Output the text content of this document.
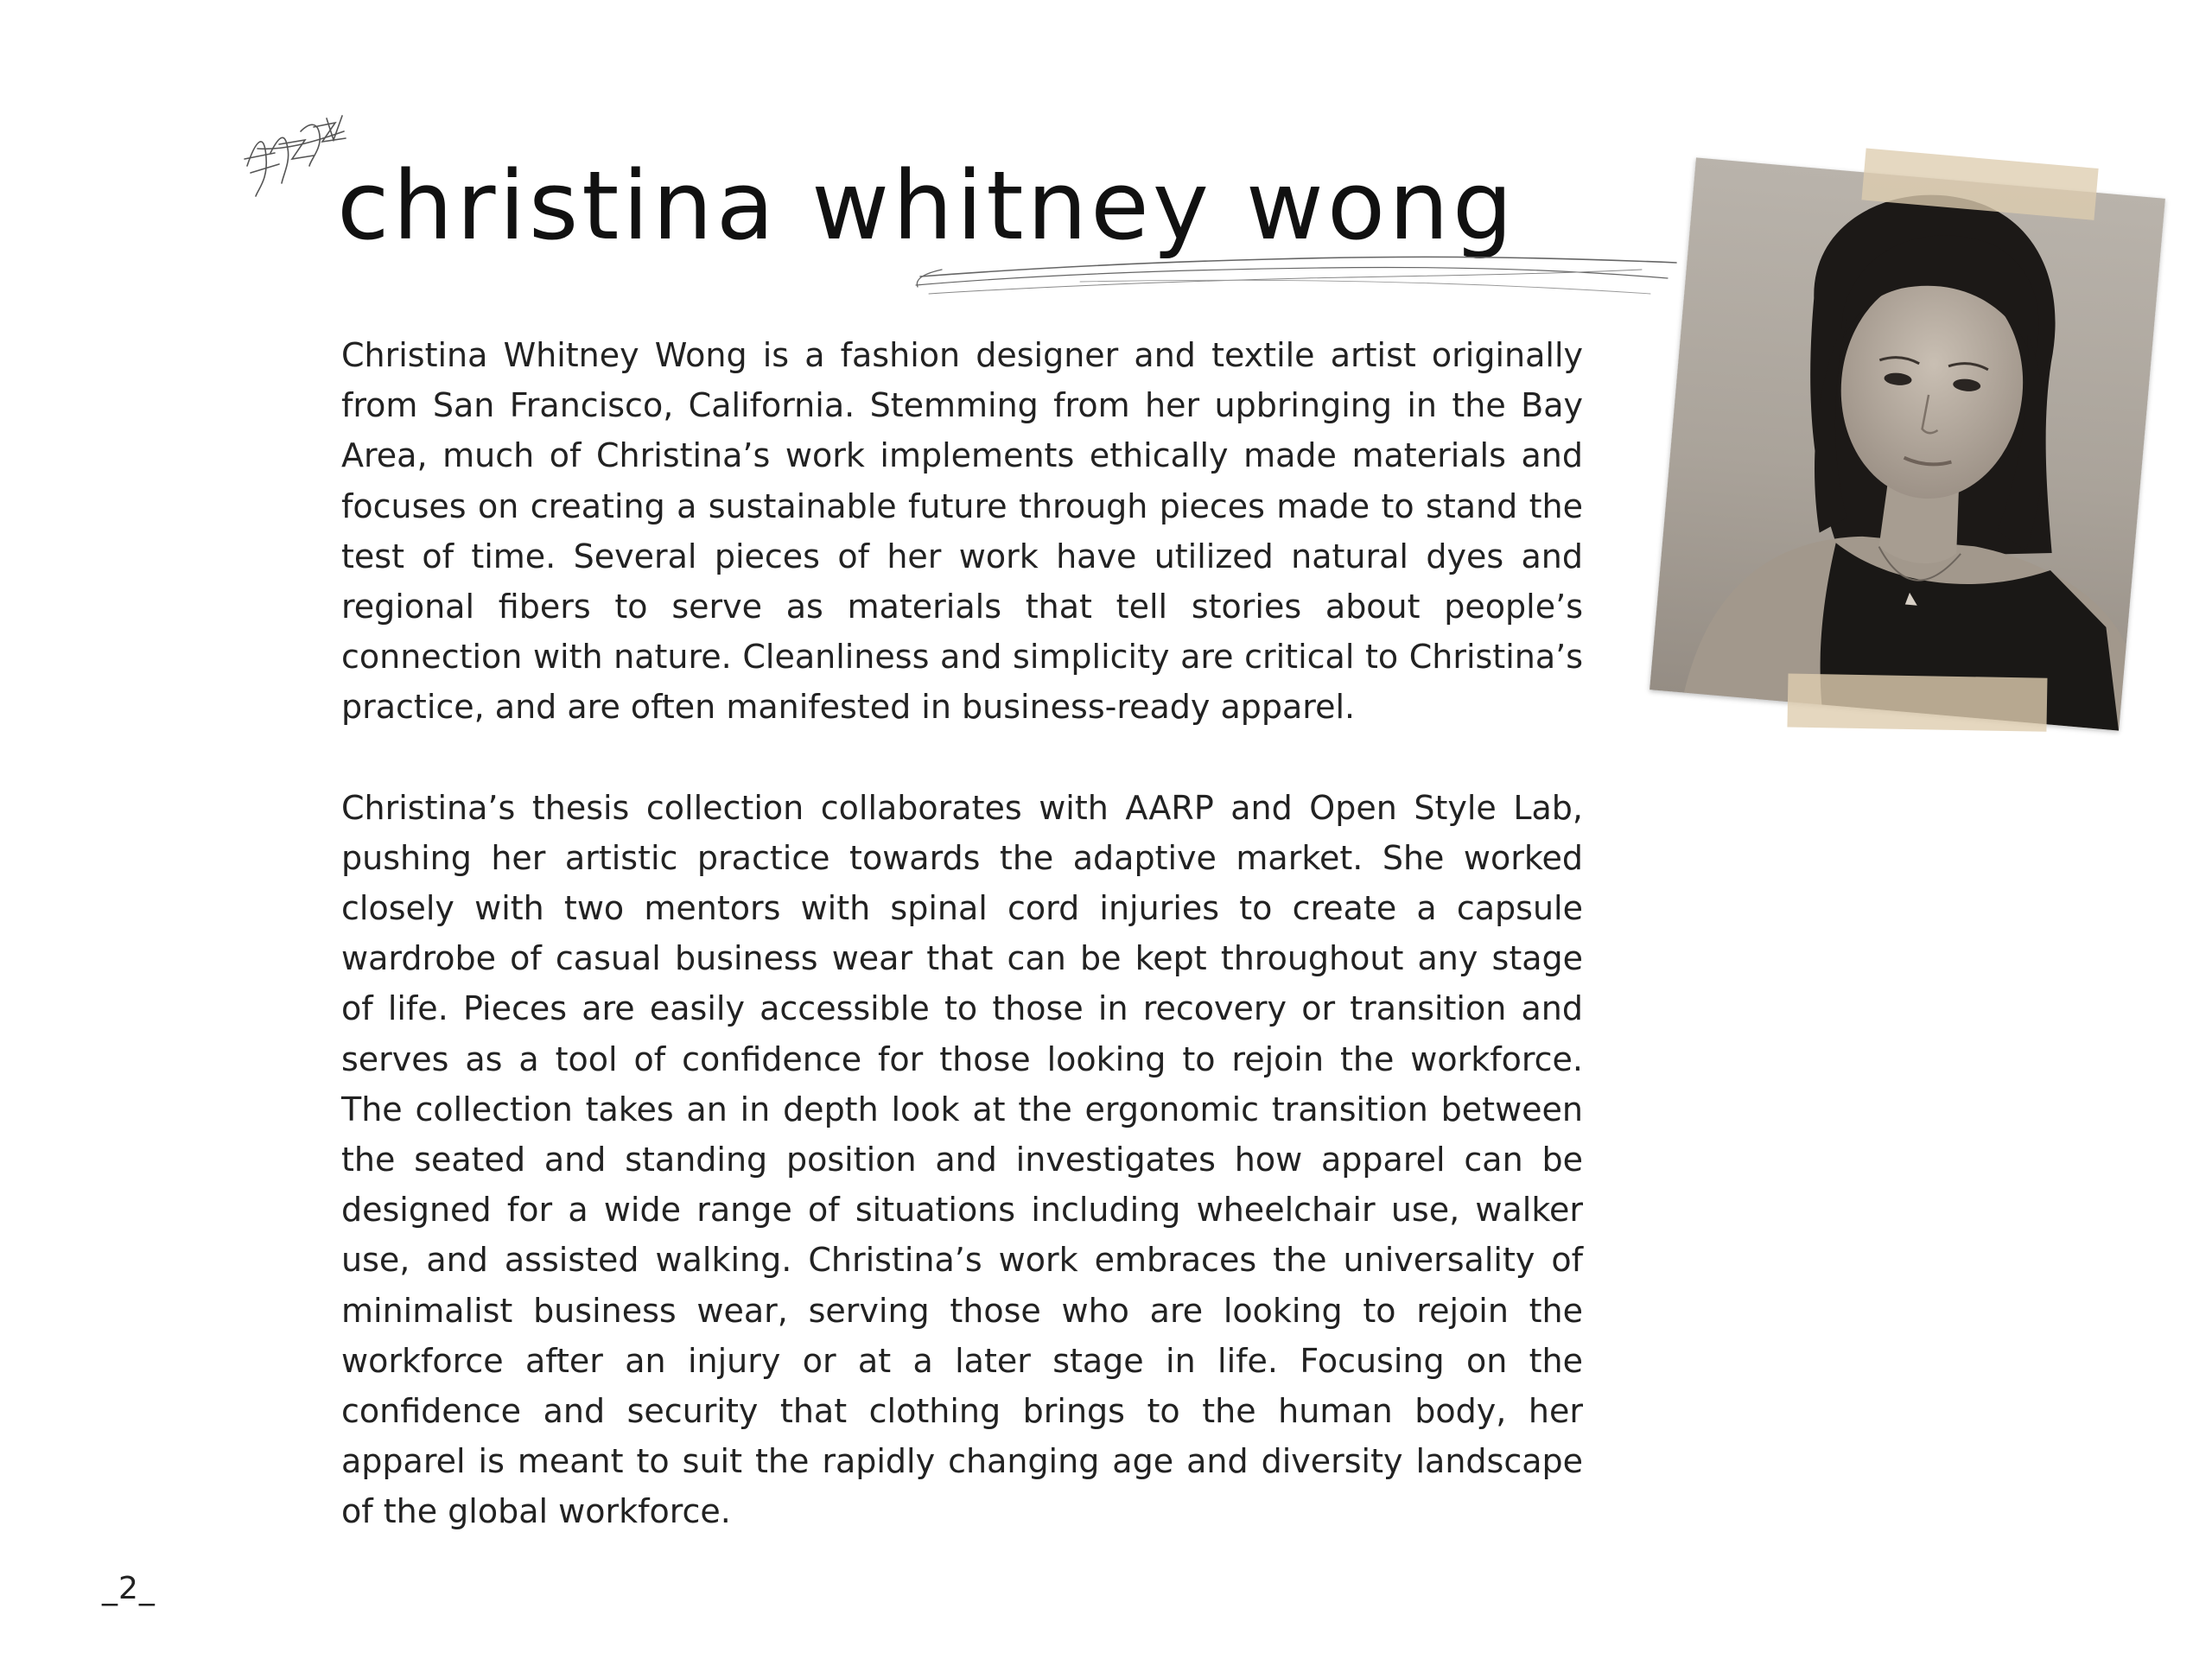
christina whitney wong

Christina Whitney Wong is a fashion designer and textile artist originally from San Francisco, California. Stemming from her upbringing in the Bay Area, much of Christina’s work implements ethically made materials and focuses on creating a sustainable future through pieces made to stand the test of time. Several pieces of her work have utilized natural dyes and regional fibers to serve as materials that tell stories about people’s connection with nature. Cleanliness and simplicity are critical to Christina’s practice, and are often manifested in business-ready apparel.

Christina’s thesis collection collaborates with AARP and Open Style Lab, pushing her artistic practice towards the adaptive market. She worked closely with two mentors with spinal cord injuries to create a capsule wardrobe of casual business wear that can be kept throughout any stage of life. Pieces are easily accessible to those in recovery or transition and serves as a tool of confidence for those looking to rejoin the workforce. The collection takes an in depth look at the ergonomic transition between the seated and standing position and investigates how apparel can be designed for a wide range of situations including wheelchair use, walker use, and assisted walking. Christina’s work embraces the universality of minimalist business wear, serving those who are looking to rejoin the workforce after an injury or at a later stage in life. Focusing on the confidence and security that clothing brings to the human body, her apparel is meant to suit the rapidly changing age and diversity landscape of the global workforce.

_2_
